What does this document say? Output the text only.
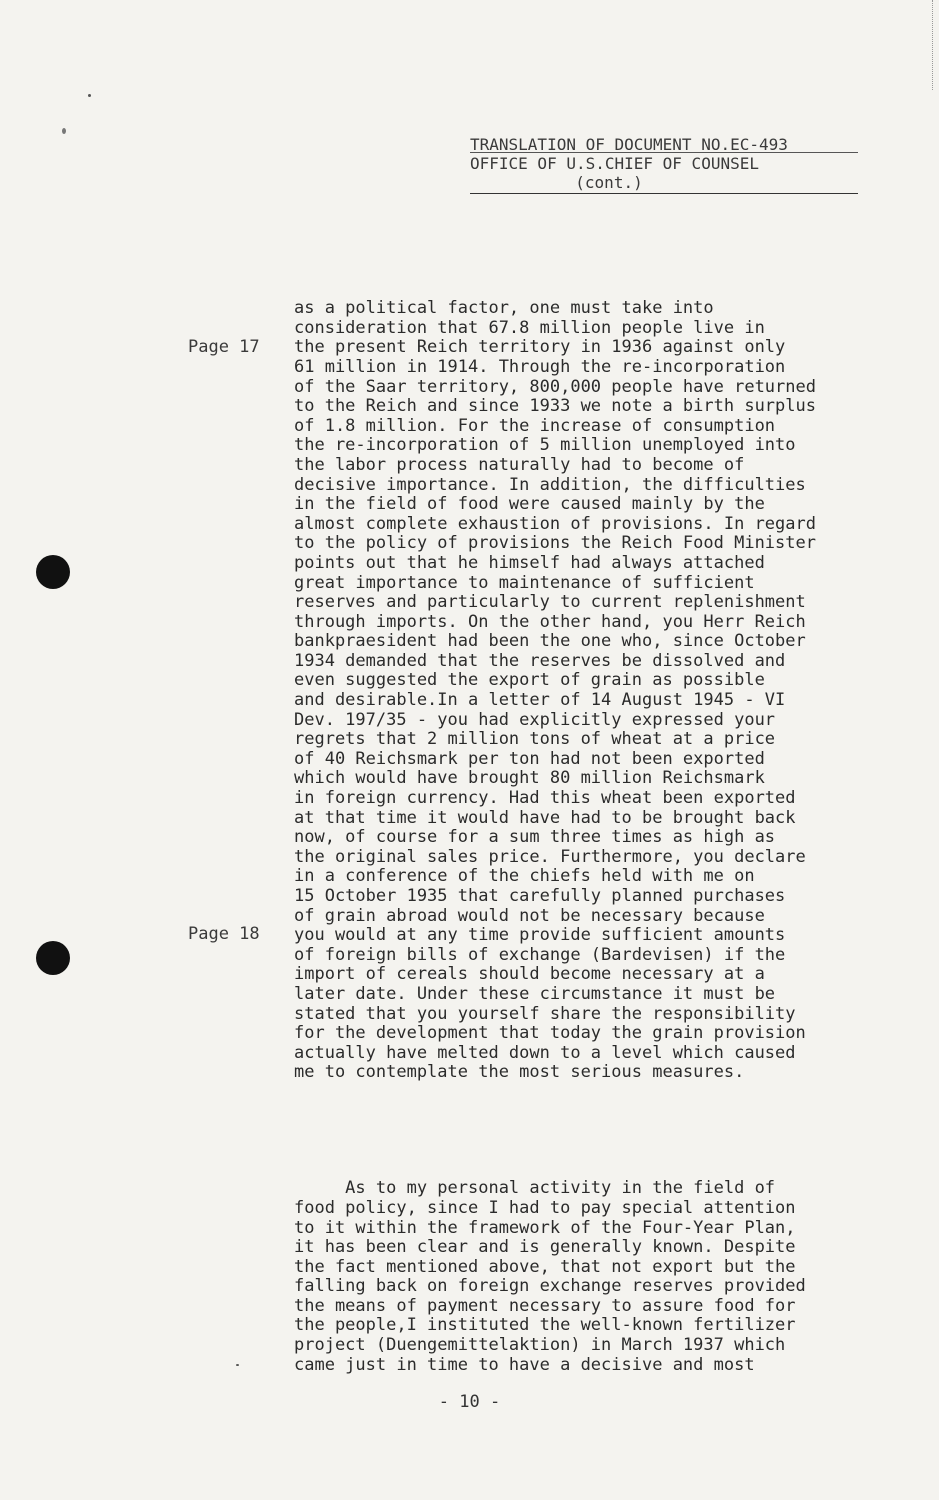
TRANSLATION OF DOCUMENT NO.EC-493
OFFICE OF U.S.CHIEF OF COUNSEL
(cont.)
Page 17
Page 18

as a political factor, one must take into
consideration that 67.8 million people live in
the present Reich territory in 1936 against only
61 million in 1914. Through the re-incorporation
of the Saar territory, 800,000 people have returned
to the Reich and since 1933 we note a birth surplus
of 1.8 million. For the increase of consumption
the re-incorporation of 5 million unemployed into
the labor process naturally had to become of
decisive importance. In addition, the difficulties
in the field of food were caused mainly by the
almost complete exhaustion of provisions. In regard
to the policy of provisions the Reich Food Minister
points out that he himself had always attached
great importance to maintenance of sufficient
reserves and particularly to current replenishment
through imports. On the other hand, you Herr Reich
bankpraesident had been the one who, since October
1934 demanded that the reserves be dissolved and
even suggested the export of grain as possible
and desirable.In a letter of 14 August 1945 - VI
Dev. 197/35 - you had explicitly expressed your
regrets that 2 million tons of wheat at a price
of 40 Reichsmark per ton had not been exported
which would have brought 80 million Reichsmark
in foreign currency. Had this wheat been exported
at that time it would have had to be brought back
now, of course for a sum three times as high as
the original sales price. Furthermore, you declare
in a conference of the chiefs held with me on
15 October 1935 that carefully planned purchases
of grain abroad would not be necessary because
you would at any time provide sufficient amounts
of foreign bills of exchange (Bardevisen) if the
import of cereals should become necessary at a
later date. Under these circumstance it must be
stated that you yourself share the responsibility
for the development that today the grain provision
actually have melted down to a level which caused
me to contemplate the most serious measures.

As to my personal activity in the field of
food policy, since I had to pay special attention
to it within the framework of the Four-Year Plan,
it has been clear and is generally known. Despite
the fact mentioned above, that not export but the
falling back on foreign exchange reserves provided
the means of payment necessary to assure food for
the people,I instituted the well-known fertilizer
project (Duengemittelaktion) in March 1937 which
came just in time to have a decisive and most

- 10 -
